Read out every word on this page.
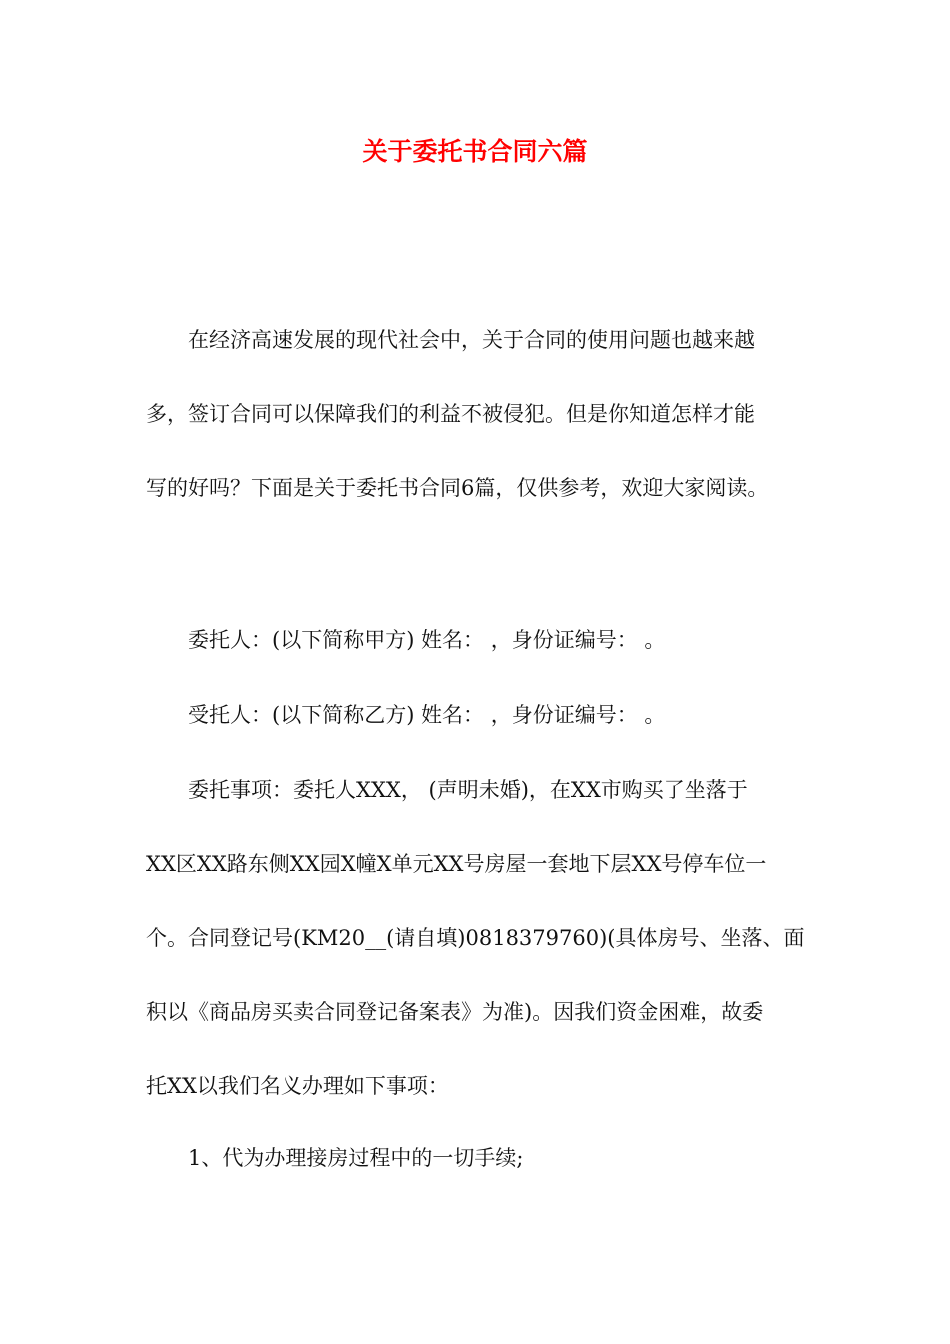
关于委托书合同六篇
在经济高速发展的现代社会中，关于合同的使用问题也越来越
多，签订合同可以保障我们的利益不被侵犯。但是你知道怎样才能
写的好吗？下面是关于委托书合同6篇，仅供参考，欢迎大家阅读。
委托人：(以下简称甲方) 姓名： ，身份证编号： 。
受托人：(以下简称乙方) 姓名： ，身份证编号： 。
委托事项：委托人XXX， (声明未婚)，在XX市购买了坐落于
XX区XX路东侧XX园X幢X单元XX号房屋一套地下层XX号停车位一
个。合同登记号(KM20__(请自填)0818379760)(具体房号、坐落、面
积以《商品房买卖合同登记备案表》为准)。因我们资金困难，故委
托XX以我们名义办理如下事项：
1、代为办理接房过程中的一切手续;
